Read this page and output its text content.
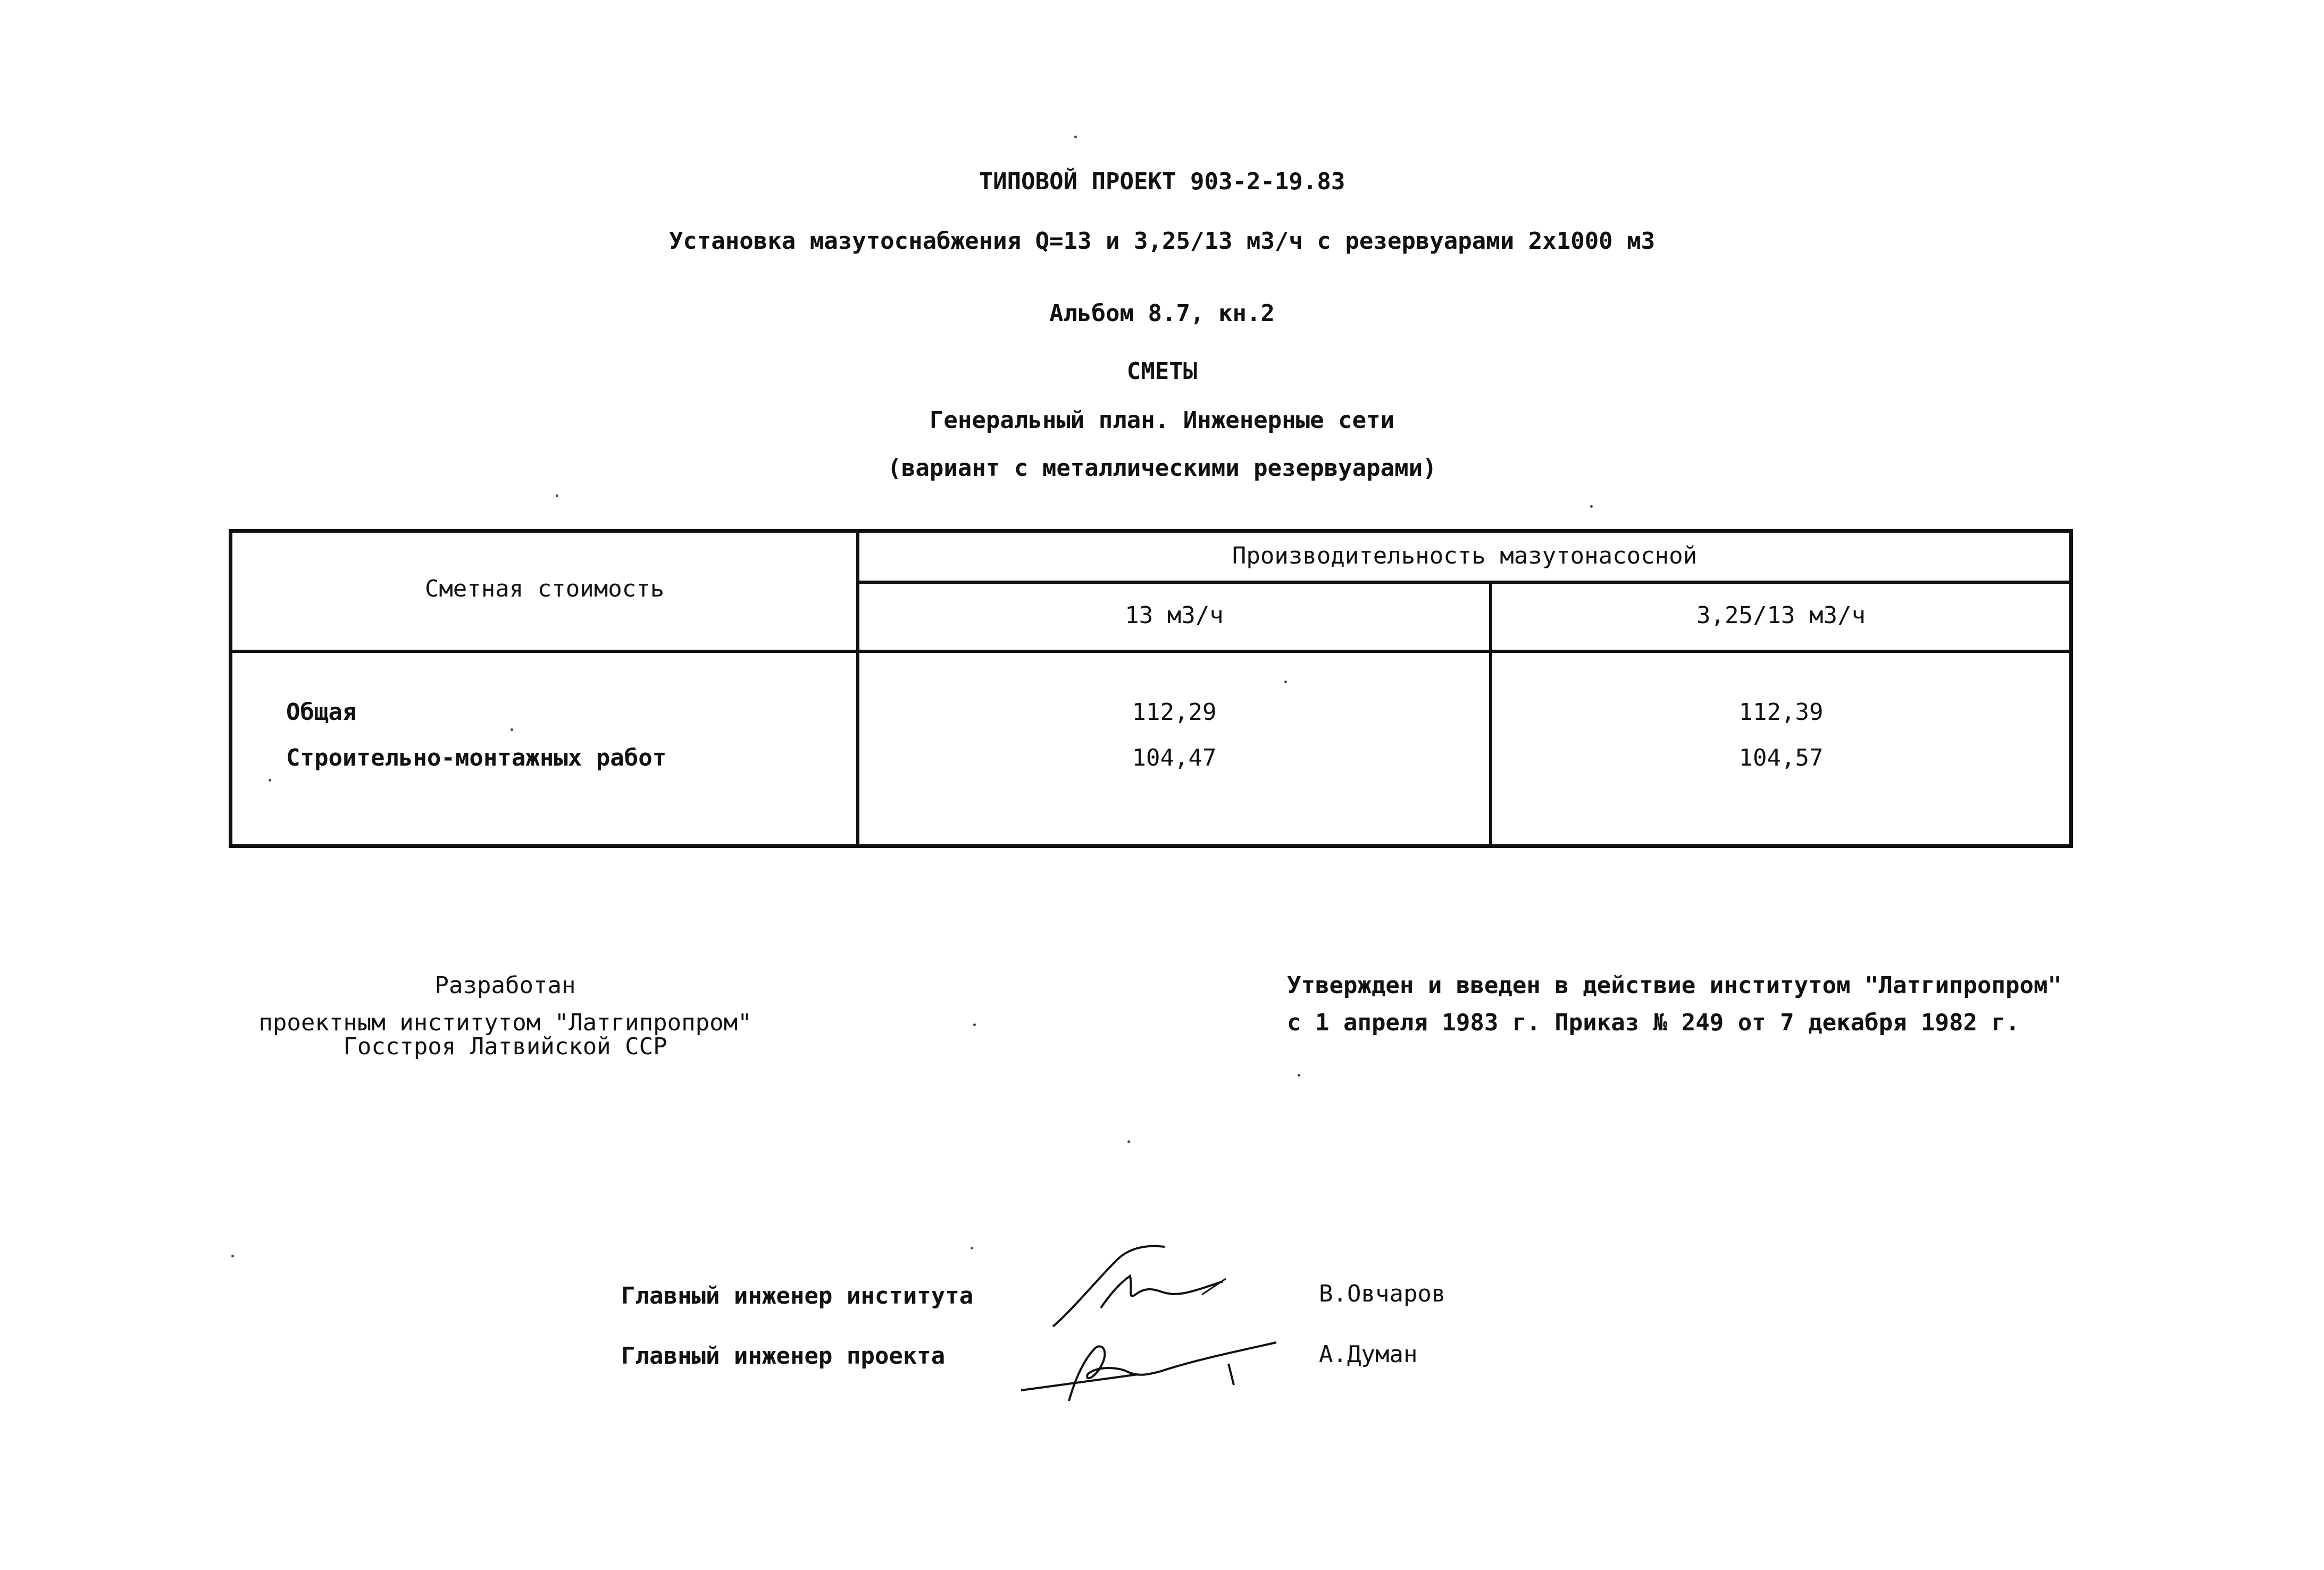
ТИПОВОЙ ПРОЕКТ 903-2-19.83
Установка мазутоснабжения Q=13 и 3,25/13 м3/ч с резервуарами 2х1000 м3
Альбом 8.7, кн.2
СМЕТЫ
Генеральный план. Инженерные сети
(вариант с металлическими резервуарами)
Сметная стоимость
Производительность мазутонасосной
13 м3/ч	3,25/13 м3/ч
Общая	112,29	112,39
Строительно-монтажных работ	104,47	104,57
Разработан
проектным институтом "Латгипропром"
Госстроя Латвийской ССР
Утвержден и введен в действие институтом "Латгипропром"
с 1 апреля 1983 г. Приказ № 249 от 7 декабря 1982 г.
Главный инженер института	В.Овчаров
Главный инженер проекта	А.Думан
